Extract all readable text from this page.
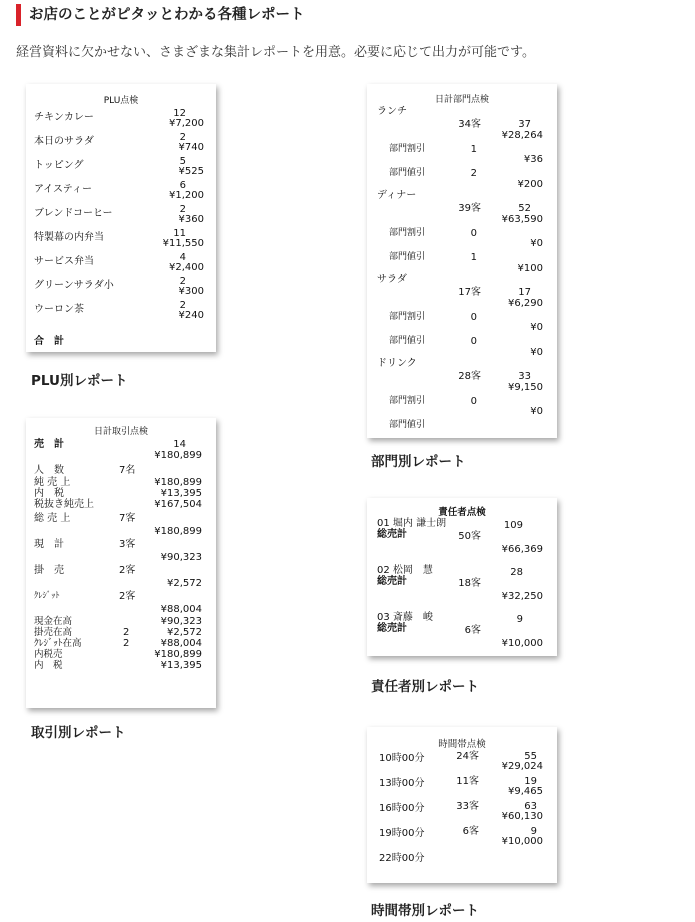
お店のことがピタッとわかる各種レポート
経営資料に欠かせない、さまざまな集計レポートを用意。必要に応じて出力が可能です。
PLU点検
チキンカレー	12
¥7,200
本日のサラダ	2
¥740
トッピング	5
¥525
アイスティー	6
¥1,200
ブレンドコーヒー	2
¥360
特製幕の内弁当	11
¥11,550
サービス弁当	4
¥2,400
グリーンサラダ小	2
¥300
ウーロン茶	2
¥240
合　計
PLU別レポート
日計取引点検
売　計	14
¥180,899
人　数	7名
純 売 上	¥180,899
内　税	¥13,395
税抜き純売上	¥167,504
総 売 上	7客
¥180,899
現　計	3客
¥90,323
掛　売	2客
¥2,572
ｸﾚｼﾞｯﾄ	2客
¥88,004
現金在高	¥90,323
掛売在高	2	¥2,572
ｸﾚｼﾞｯﾄ在高	2	¥88,004
内税売	¥180,899
内　税	¥13,395
取引別レポート
日計部門点検
ランチ
34客	37
¥28,264
部門割引	1
¥36
部門値引	2
¥200
ディナー
39客	52
¥63,590
部門割引	0
¥0
部門値引	1
¥100
サラダ
17客	17
¥6,290
部門割引	0
¥0
部門値引	0
¥0
ドリンク
28客	33
¥9,150
部門割引	0
¥0
部門値引
部門別レポート
責任者点検
01 堀内 謙士朗	109
総売計	50客
¥66,369
02 松岡　慧	28
総売計	18客
¥32,250
03 斎藤　峻	9
総売計	6客
¥10,000
責任者別レポート
時間帯点検
10時00分	24客	55
¥29,024
13時00分	11客	19
¥9,465
16時00分	33客	63
¥60,130
19時00分	6客	9
¥10,000
22時00分
時間帯別レポート
